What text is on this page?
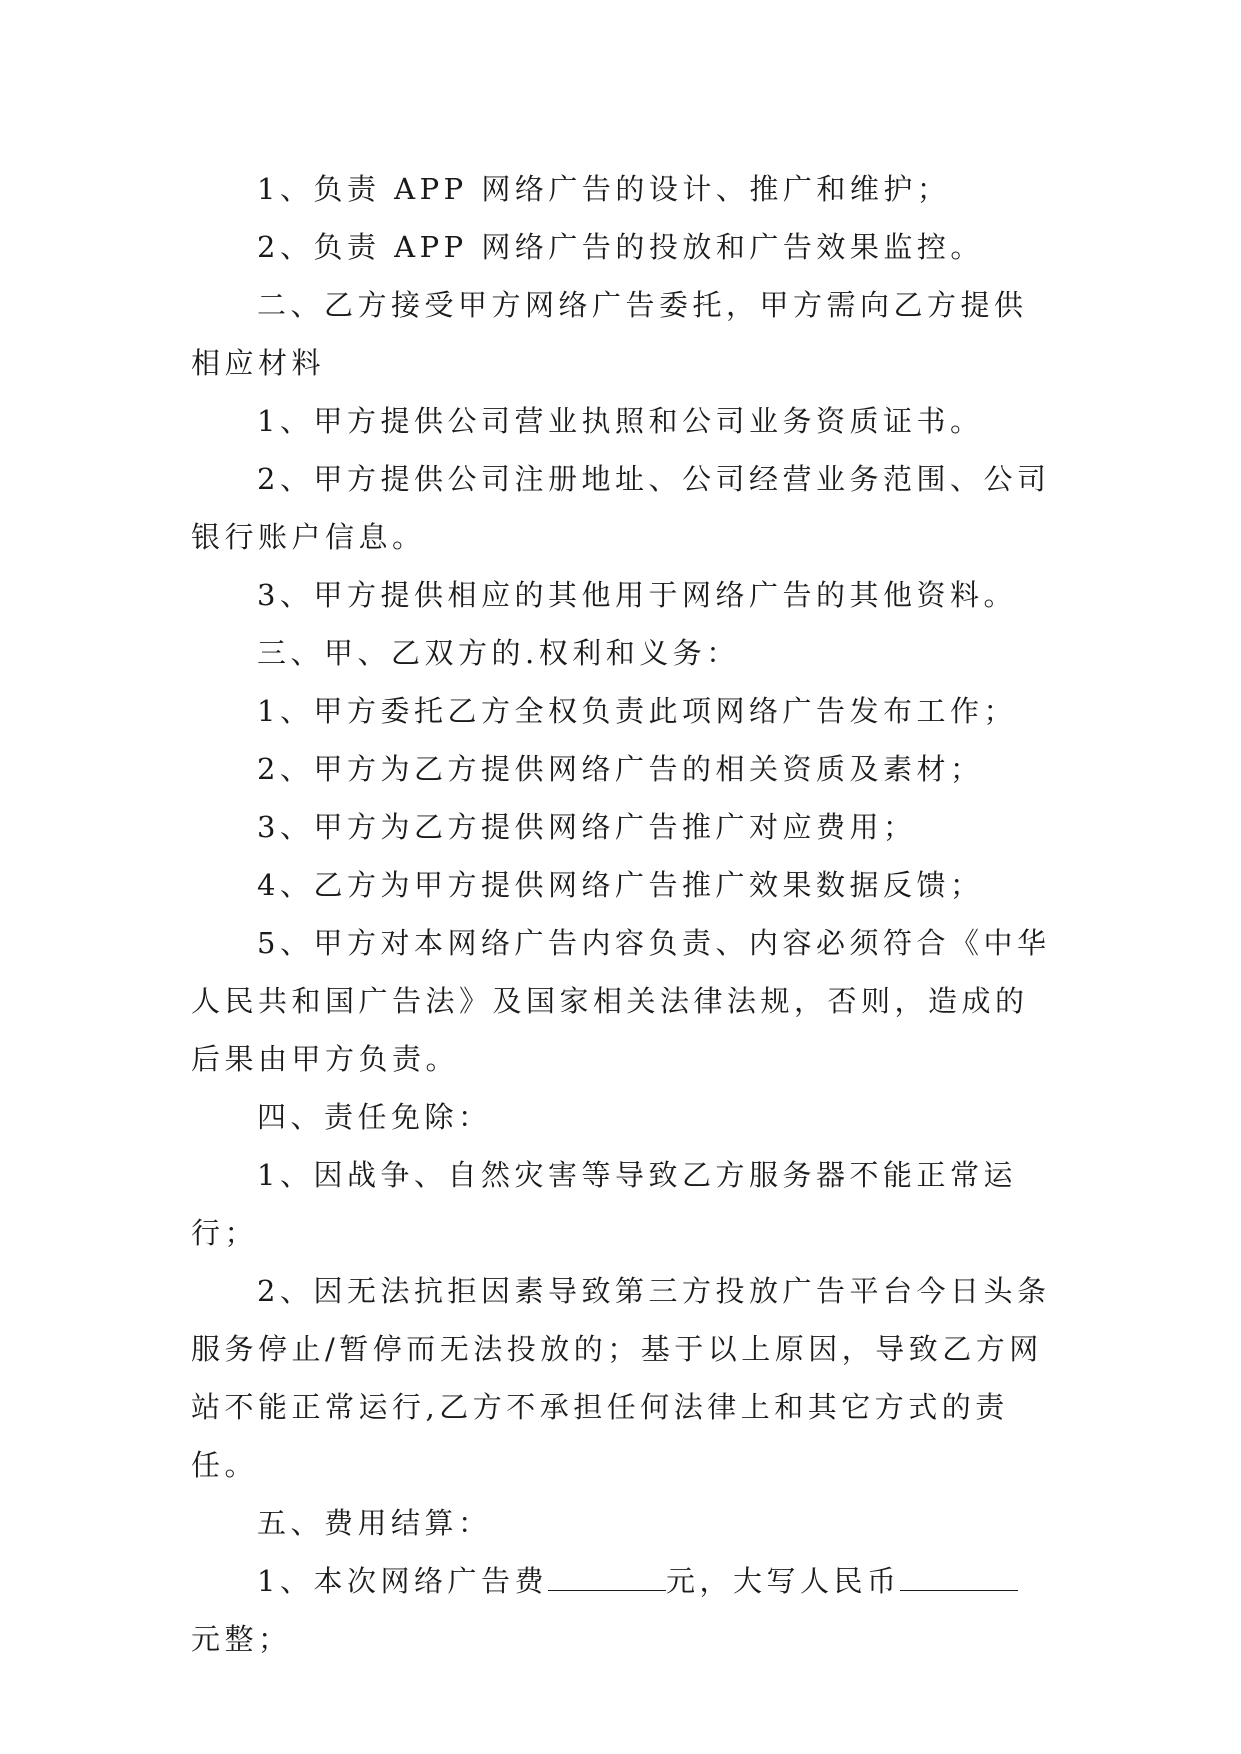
1、负责 APP 网络广告的设计、推广和维护；

2、负责 APP 网络广告的投放和广告效果监控。

二、乙方接受甲方网络广告委托，甲方需向乙方提供相应材料

1、甲方提供公司营业执照和公司业务资质证书。

2、甲方提供公司注册地址、公司经营业务范围、公司银行账户信息。

3、甲方提供相应的其他用于网络广告的其他资料。

三、甲、乙双方的.权利和义务：

1、甲方委托乙方全权负责此项网络广告发布工作；

2、甲方为乙方提供网络广告的相关资质及素材；

3、甲方为乙方提供网络广告推广对应费用；

4、乙方为甲方提供网络广告推广效果数据反馈；

5、甲方对本网络广告内容负责、内容必须符合《中华人民共和国广告法》及国家相关法律法规，否则，造成的后果由甲方负责。

四、责任免除：

1、因战争、自然灾害等导致乙方服务器不能正常运行；

2、因无法抗拒因素导致第三方投放广告平台今日头条服务停止/暂停而无法投放的；基于以上原因，导致乙方网站不能正常运行,乙方不承担任何法律上和其它方式的责任。

五、费用结算：

1、本次网络广告费	元，大写人民币元整；
